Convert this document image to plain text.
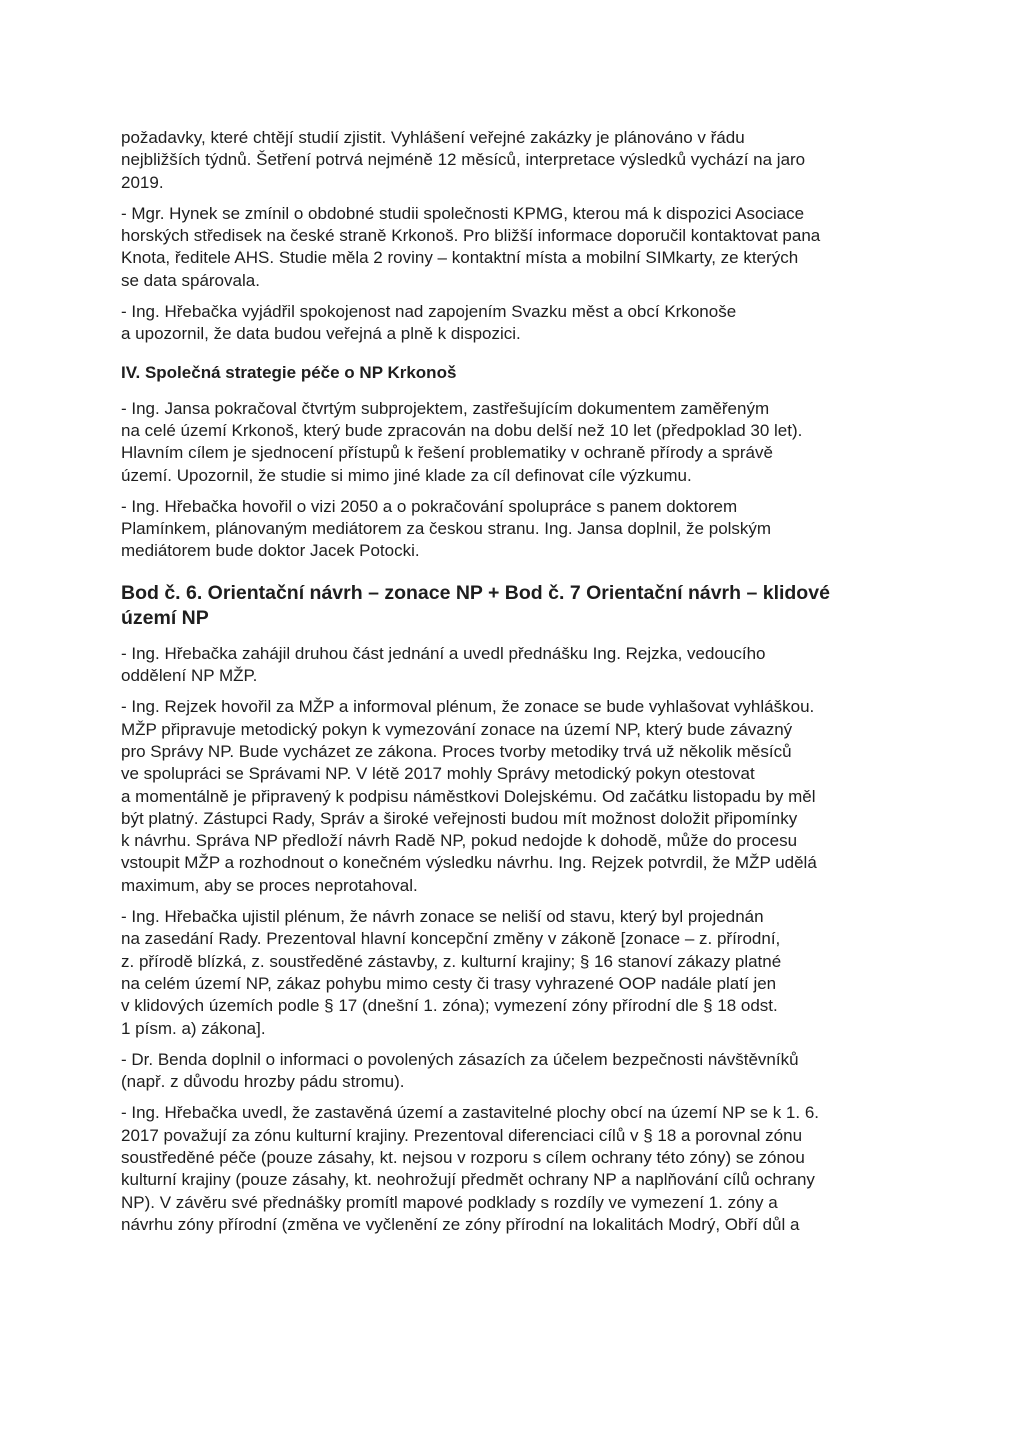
požadavky, které chtějí studií zjistit. Vyhlášení veřejné zakázky je plánováno v řádu
nejbližších týdnů. Šetření potrvá nejméně 12 měsíců, interpretace výsledků vychází na jaro
2019.

- Mgr. Hynek se zmínil o obdobné studii společnosti KPMG, kterou má k dispozici Asociace
horských středisek na české straně Krkonoš. Pro bližší informace doporučil kontaktovat pana
Knota, ředitele AHS. Studie měla 2 roviny – kontaktní místa a mobilní SIMkarty, ze kterých
se data spárovala.

- Ing. Hřebačka vyjádřil spokojenost nad zapojením Svazku měst a obcí Krkonoše
a upozornil, že data budou veřejná a plně k dispozici.

IV. Společná strategie péče o NP Krkonoš

- Ing. Jansa pokračoval čtvrtým subprojektem, zastřešujícím dokumentem zaměřeným
na celé území Krkonoš, který bude zpracován na dobu delší než 10 let (předpoklad 30 let).
Hlavním cílem je sjednocení přístupů k řešení problematiky v ochraně přírody a správě
území. Upozornil, že studie si mimo jiné klade za cíl definovat cíle výzkumu.

- Ing. Hřebačka hovořil o vizi 2050 a o pokračování spolupráce s panem doktorem
Plamínkem, plánovaným mediátorem za českou stranu. Ing. Jansa doplnil, že polským
mediátorem bude doktor Jacek Potocki.

Bod č. 6. Orientační návrh – zonace NP + Bod č. 7 Orientační návrh – klidové
území NP

- Ing. Hřebačka zahájil druhou část jednání a uvedl přednášku Ing. Rejzka, vedoucího
oddělení NP MŽP.

- Ing. Rejzek hovořil za MŽP a informoval plénum, že zonace se bude vyhlašovat vyhláškou.
MŽP připravuje metodický pokyn k vymezování zonace na území NP, který bude závazný
pro Správy NP. Bude vycházet ze zákona. Proces tvorby metodiky trvá už několik měsíců
ve spolupráci se Správami NP. V létě 2017 mohly Správy metodický pokyn otestovat
a momentálně je připravený k podpisu náměstkovi Dolejskému. Od začátku listopadu by měl
být platný. Zástupci Rady, Správ a široké veřejnosti budou mít možnost doložit připomínky
k návrhu. Správa NP předloží návrh Radě NP, pokud nedojde k dohodě, může do procesu
vstoupit MŽP a rozhodnout o konečném výsledku návrhu. Ing. Rejzek potvrdil, že MŽP udělá
maximum, aby se proces neprotahoval.

- Ing. Hřebačka ujistil plénum, že návrh zonace se neliší od stavu, který byl projednán
na zasedání Rady. Prezentoval hlavní koncepční změny v zákoně [zonace – z. přírodní,
z. přírodě blízká, z. soustředěné zástavby, z. kulturní krajiny; § 16 stanoví zákazy platné
na celém území NP, zákaz pohybu mimo cesty či trasy vyhrazené OOP nadále platí jen
v klidových územích podle § 17 (dnešní 1. zóna); vymezení zóny přírodní dle § 18 odst.
1 písm. a) zákona].

- Dr. Benda doplnil o informaci o povolených zásazích za účelem bezpečnosti návštěvníků
(např. z důvodu hrozby pádu stromu).

- Ing. Hřebačka uvedl, že zastavěná území a zastavitelné plochy obcí na území NP se k 1. 6.
2017 považují za zónu kulturní krajiny. Prezentoval diferenciaci cílů v § 18 a porovnal zónu
soustředěné péče (pouze zásahy, kt. nejsou v rozporu s cílem ochrany této zóny) se zónou
kulturní krajiny (pouze zásahy, kt. neohrožují předmět ochrany NP a naplňování cílů ochrany
NP). V závěru své přednášky promítl mapové podklady s rozdíly ve vymezení 1. zóny a
návrhu zóny přírodní (změna ve vyčlenění ze zóny přírodní na lokalitách Modrý, Obří důl a
